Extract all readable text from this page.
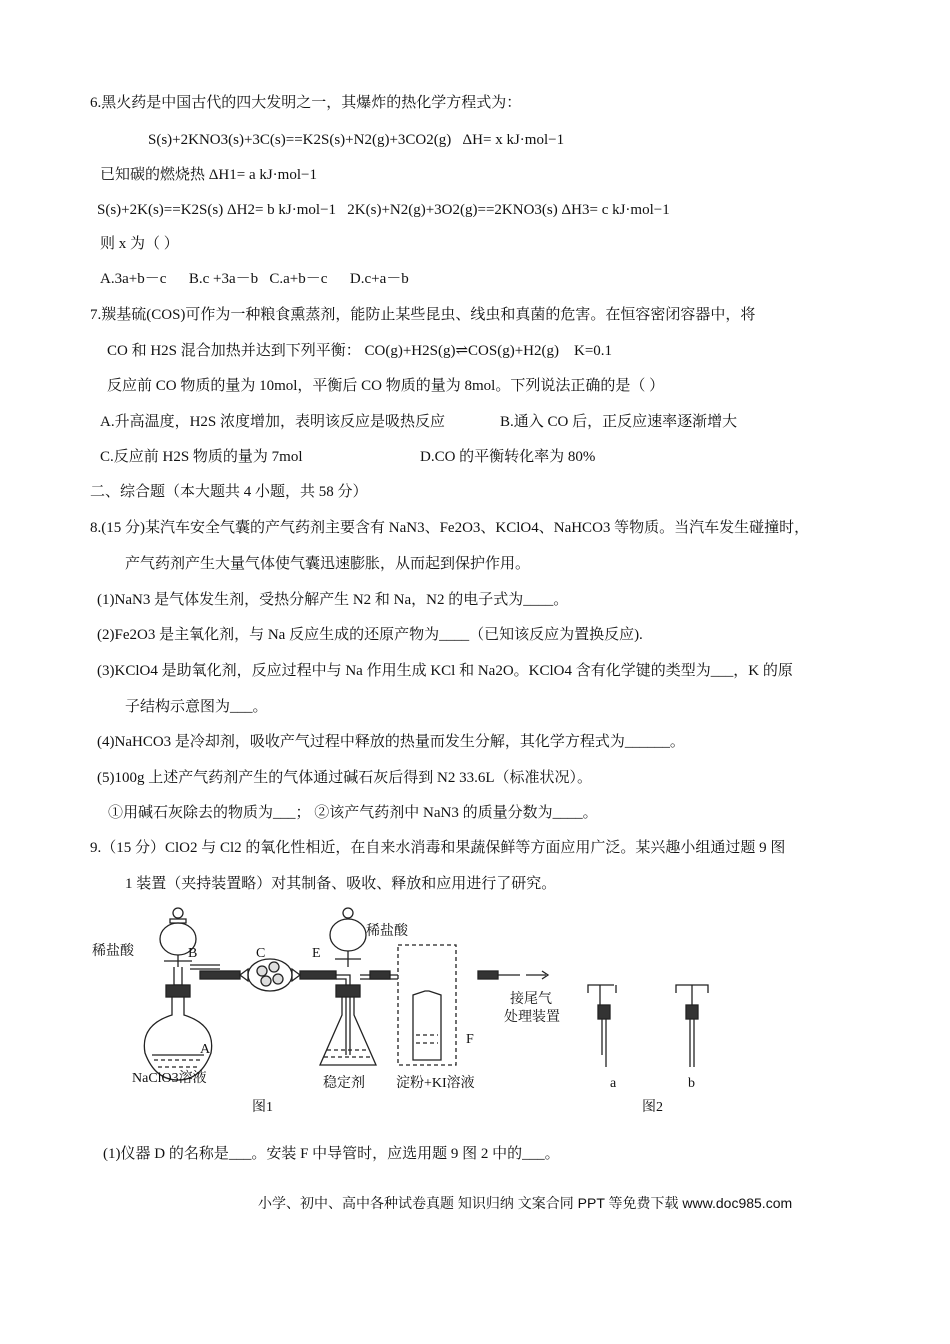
6.黑火药是中国古代的四大发明之一，其爆炸的热化学方程式为：
S(s)+2KNO3(s)+3C(s)==K2S(s)+N2(g)+3CO2(g) ΔH= x kJ·mol−1
已知碳的燃烧热 ΔH1= a kJ·mol−1
S(s)+2K(s)==K2S(s) ΔH2= b kJ·mol−1 2K(s)+N2(g)+3O2(g)==2KNO3(s) ΔH3= c kJ·mol−1
则 x 为（ ）
A.3a+b－c B.c +3a－b C.a+b－c D.c+a－b
7.羰基硫(COS)可作为一种粮食熏蒸剂，能防止某些昆虫、线虫和真菌的危害。在恒容密闭容器中，将
CO 和 H2S 混合加热并达到下列平衡： CO(g)+H2S(g)⇌COS(g)+H2(g) K=0.1
反应前 CO 物质的量为 10mol，平衡后 CO 物质的量为 8mol。下列说法正确的是（ ）
A.升高温度，H2S 浓度增加，表明该反应是吸热反应	B.通入 CO 后，正反应速率逐渐增大
C.反应前 H2S 物质的量为 7mol	D.CO 的平衡转化率为 80%
二、综合题（本大题共 4 小题，共 58 分）
8.(15 分)某汽车安全气囊的产气药剂主要含有 NaN3、Fe2O3、KClO4、NaHCO3 等物质。当汽车发生碰撞时，
产气药剂产生大量气体使气囊迅速膨胀，从而起到保护作用。
(1)NaN3 是气体发生剂，受热分解产生 N2 和 Na，N2 的电子式为____。
(2)Fe2O3 是主氧化剂，与 Na 反应生成的还原产物为____（已知该反应为置换反应).
(3)KClO4 是助氧化剂，反应过程中与 Na 作用生成 KCl 和 Na2O。KClO4 含有化学键的类型为___，K 的原
子结构示意图为___。
(4)NaHCO3 是冷却剂，吸收产气过程中释放的热量而发生分解，其化学方程式为______。
(5)100g 上述产气药剂产生的气体通过碱石灰后得到 N2 33.6L（标准状况）。
①用碱石灰除去的物质为___； ②该产气药剂中 NaN3 的质量分数为____。
9.（15 分）ClO2 与 Cl2 的氧化性相近，在自来水消毒和果蔬保鲜等方面应用广泛。某兴趣小组通过题 9 图
1 装置（夹持装置略）对其制备、吸收、释放和应用进行了研究。
稀盐酸	B	C	E
稀盐酸
A
NaClO3溶液	稳定剂
F
淀粉+KI溶液
接尾气
处理装置
图1	图2
a	b
(1)仪器 D 的名称是___。安装 F 中导管时，应选用题 9 图 2 中的___。
小学、初中、高中各种试卷真题 知识归纳 文案合同 PPT 等免费下载 www.doc985.com
